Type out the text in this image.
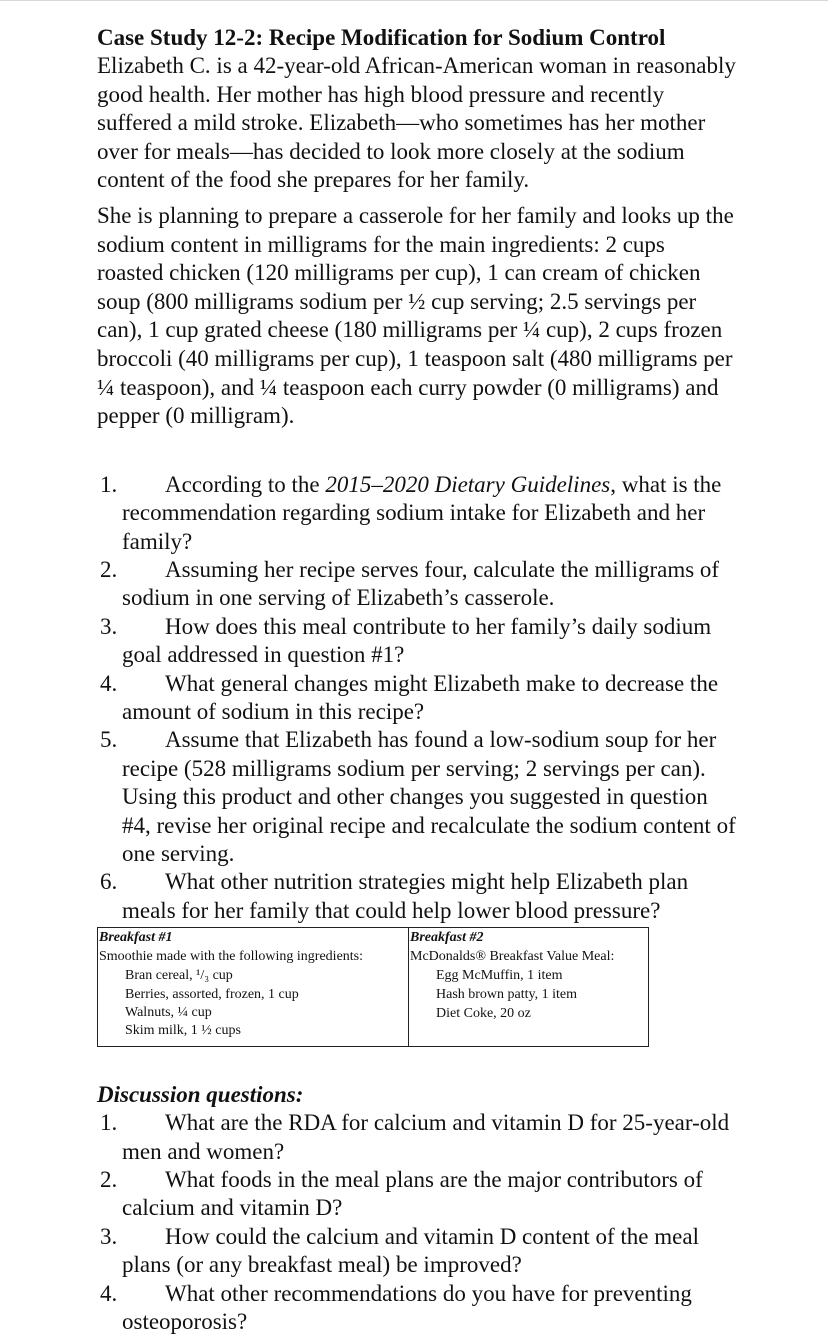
Case Study 12-2: Recipe Modification for Sodium Control

Elizabeth C. is a 42-year-old African-American woman in reasonably good health. Her mother has high blood pressure and recently suffered a mild stroke. Elizabeth—who sometimes has her mother over for meals—has decided to look more closely at the sodium content of the food she prepares for her family.

She is planning to prepare a casserole for her family and looks up the sodium content in milligrams for the main ingredients: 2 cups roasted chicken (120 milligrams per cup), 1 can cream of chicken soup (800 milligrams sodium per ½ cup serving; 2.5 servings per can), 1 cup grated cheese (180 milligrams per ¼ cup), 2 cups frozen broccoli (40 milligrams per cup), 1 teaspoon salt (480 milligrams per ¼ teaspoon), and ¼ teaspoon each curry powder (0 milligrams) and pepper (0 milligram).

1.	According to the 2015–2020 Dietary Guidelines, what is the recommendation regarding sodium intake for Elizabeth and her family?
2.	Assuming her recipe serves four, calculate the milligrams of sodium in one serving of Elizabeth’s casserole.
3.	How does this meal contribute to her family’s daily sodium goal addressed in question #1?
4.	What general changes might Elizabeth make to decrease the amount of sodium in this recipe?
5.	Assume that Elizabeth has found a low-sodium soup for her recipe (528 milligrams sodium per serving; 2 servings per can). Using this product and other changes you suggested in question #4, revise her original recipe and recalculate the sodium content of one serving.
6.	What other nutrition strategies might help Elizabeth plan meals for her family that could help lower blood pressure?
Breakfast #1
Smoothie made with the following ingredients:
Bran cereal, ¹/₃ cup
Berries, assorted, frozen, 1 cup
Walnuts, ¼ cup
Skim milk, 1 ½ cups

Breakfast #2
McDonalds® Breakfast Value Meal:
Egg McMuffin, 1 item
Hash brown patty, 1 item
Diet Coke, 20 oz
Discussion questions:
1.	What are the RDA for calcium and vitamin D for 25-year-old men and women?
2.	What foods in the meal plans are the major contributors of calcium and vitamin D?
3.	How could the calcium and vitamin D content of the meal plans (or any breakfast meal) be improved?
4.	What other recommendations do you have for preventing osteoporosis?
